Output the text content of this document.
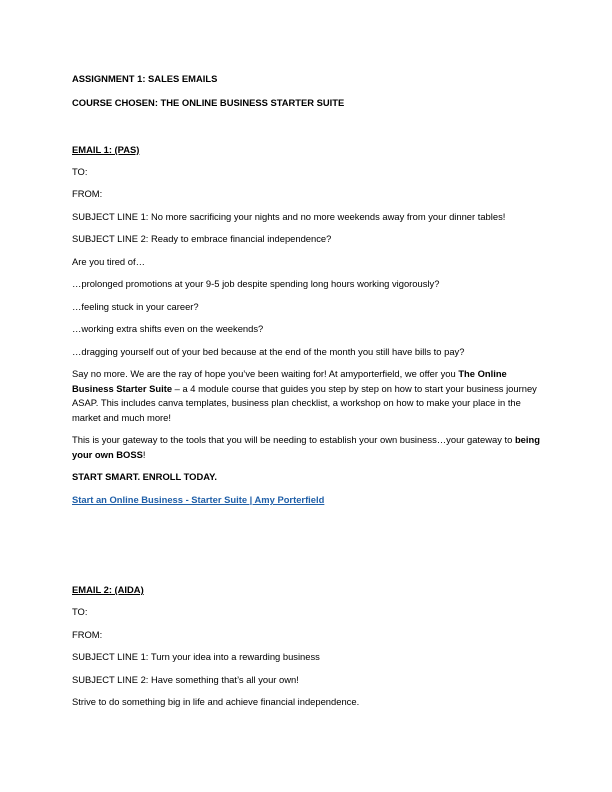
ASSIGNMENT 1: SALES EMAILS
COURSE CHOSEN: THE ONLINE BUSINESS STARTER SUITE
EMAIL 1: (PAS)
TO:
FROM:
SUBJECT LINE 1: No more sacrificing your nights and no more weekends away from your dinner tables!
SUBJECT LINE 2: Ready to embrace financial independence?
Are you tired of…
…prolonged promotions at your 9-5 job despite spending long hours working vigorously?
…feeling stuck in your career?
…working extra shifts even on the weekends?
…dragging yourself out of your bed because at the end of the month you still have bills to pay?
Say no more. We are the ray of hope you’ve been waiting for! At amyporterfield, we offer you The Online Business Starter Suite – a 4 module course that guides you step by step on how to start your business journey ASAP. This includes canva templates, business plan checklist, a workshop on how to make your place in the market and much more!
This is your gateway to the tools that you will be needing to establish your own business…your gateway to being your own BOSS!
START SMART. ENROLL TODAY.
Start an Online Business - Starter Suite | Amy Porterfield
EMAIL 2: (AIDA)
TO:
FROM:
SUBJECT LINE 1: Turn your idea into a rewarding business
SUBJECT LINE 2: Have something that’s all your own!
Strive to do something big in life and achieve financial independence.
